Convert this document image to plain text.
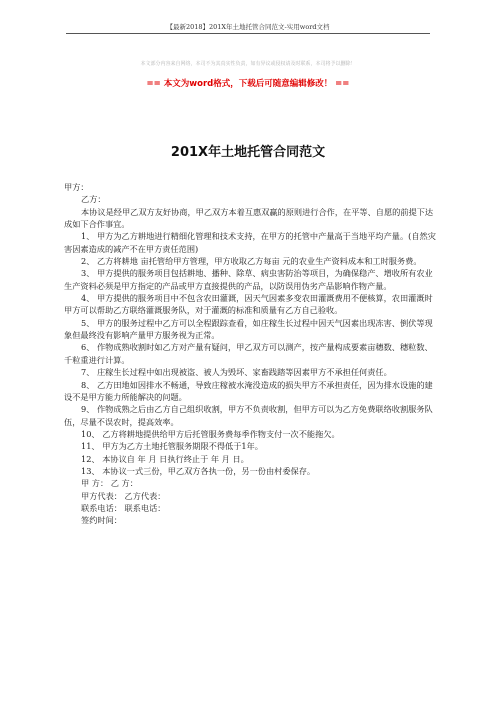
【最新2018】201X年土地托管合同范文-实用word文档
本文部分内容来自网络，本司不为其真实性负责，如有异议或侵权请及时联系，本司将予以删除！
== 本文为word格式，下载后可随意编辑修改！ ==
201X年土地托管合同范文

甲方：

乙方：

本协议是经甲乙双方友好协商，甲乙双方本着互惠双赢的原则进行合作，在平等、自愿的前提下达成如下合作事宜。

1、 甲方为乙方耕地进行精细化管理和技术支持，在甲方的托管中产量高于当地平均产量。(自然灾害因素造成的减产不在甲方责任范围)

2、 乙方将耕地 亩托管给甲方管理，甲方收取乙方每亩 元的农业生产资料成本和工时服务费。

3、 甲方提供的服务项目包括耕地、播种、除草、病虫害防治等项目，为确保稳产、增收所有农业生产资料必须是甲方指定的产品或甲方直接提供的产品，以防误用伪劣产品影响作物产量。

4、 甲方提供的服务项目中不包含农田灌溉，因天气因素多变农田灌溉费用不便核算，农田灌溉时甲方可以帮助乙方联络灌溉服务队，对于灌溉的标准和质量有乙方自己验收。

5、 甲方的服务过程中乙方可以全程跟踪查看，如庄稼生长过程中因天气因素出现冻害、倒伏等现象但最终没有影响产量甲方服务视为正常。

6、 作物成熟收割时如乙方对产量有疑问，甲乙双方可以测产，按产量构成要素亩穗数、穗粒数、千粒重进行计算。

7、 庄稼生长过程中如出现被盗、被人为毁坏、家畜践踏等因素甲方不承担任何责任。

8、 乙方田地如因排水不畅通，导致庄稼被水淹没造成的损失甲方不承担责任，因为排水设施的建设不是甲方能力所能解决的问题。

9、 作物成熟之后由乙方自己组织收割，甲方不负责收割，但甲方可以为乙方免费联络收割服务队伍，尽量不误农时，提高效率。

10、 乙方将耕地提供给甲方后托管服务费每季作物支付一次不能拖欠。

11、 甲方为乙方土地托管服务期限不得低于1年。

12、 本协议自 年 月 日执行终止于 年 月 日。

13、 本协议一式三份，甲乙双方各执一份，另一份由村委保存。

甲 方： 乙 方：

甲方代表： 乙方代表：

联系电话： 联系电话：

签约时间：
